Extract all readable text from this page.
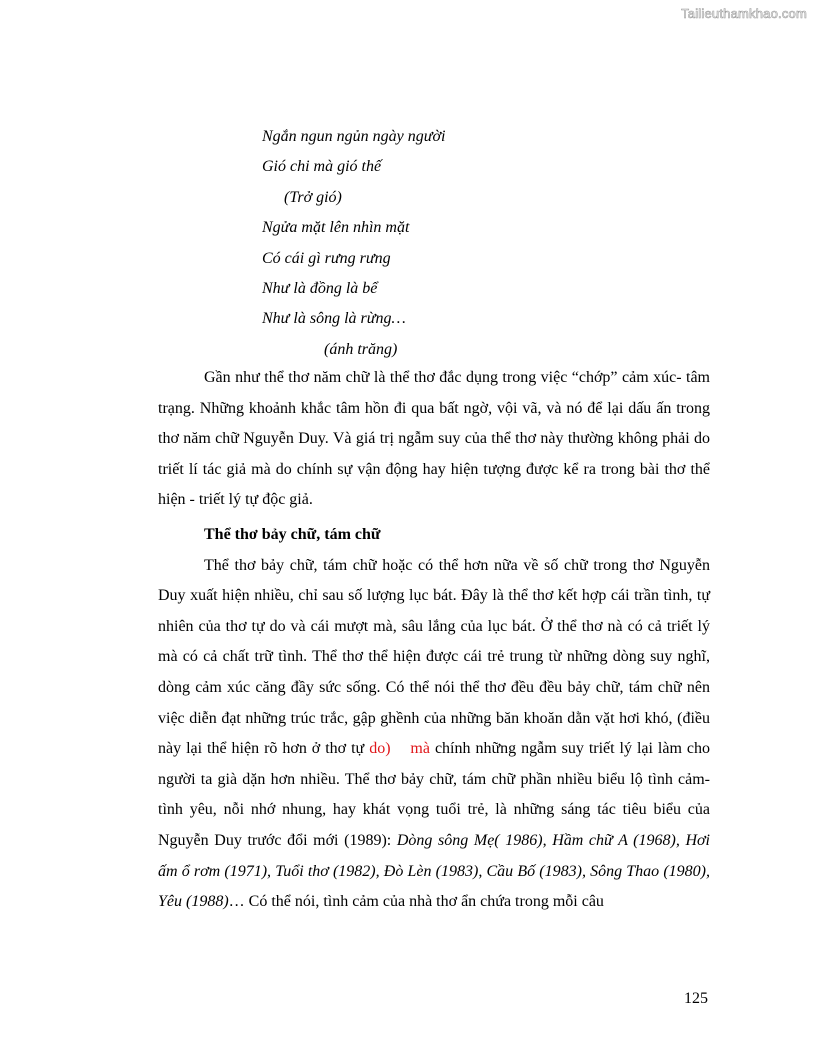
Tailieuthamkhao.com
Ngắn ngun ngủn ngày người
Gió chi mà gió thế
(Trở gió)
Ngửa mặt lên nhìn mặt
Có cái gì rưng rưng
Như là đồng là bể
Như là sông là rừng…
(ánh trăng)

Gần như thể thơ năm chữ là thể thơ đắc dụng trong việc “chớp” cảm xúc- tâm trạng. Những khoảnh khắc tâm hồn đi qua bất ngờ, vội vã, và nó để lại dấu ấn trong thơ năm chữ Nguyễn Duy. Và giá trị ngẫm suy của thể thơ này thường không phải do triết lí tác giả mà do chính sự vận động hay hiện tượng được kể ra trong bài thơ thể hiện - triết lý tự độc giả.

Thể thơ bảy chữ, tám chữ

Thể thơ bảy chữ, tám chữ hoặc có thể hơn nữa về số chữ trong thơ Nguyễn Duy xuất hiện nhiều, chỉ sau số lượng lục bát. Đây là thể thơ kết hợp cái trần tình, tự nhiên của thơ tự do và cái mượt mà, sâu lắng của lục bát. Ở thể thơ nà có cả triết lý mà có cả chất trữ tình. Thể thơ thể hiện được cái trẻ trung từ những dòng suy nghĩ, dòng cảm xúc căng đầy sức sống. Có thể nói thể thơ đều đều bảy chữ, tám chữ nên việc diễn đạt những trúc trắc, gập ghềnh của những băn khoăn dằn vặt hơi khó, (điều này lại thể hiện rõ hơn ở thơ tự do) mà chính những ngẫm suy triết lý lại làm cho người ta già dặn hơn nhiều. Thể thơ bảy chữ, tám chữ phần nhiều biểu lộ tình cảm- tình yêu, nỗi nhớ nhung, hay khát vọng tuổi trẻ, là những sáng tác tiêu biểu của Nguyễn Duy trước đổi mới (1989): Dòng sông Mẹ( 1986), Hầm chữ A (1968), Hơi ấm ổ rơm (1971), Tuổi thơ (1982), Đò Lèn (1983), Cầu Bố (1983), Sông Thao (1980), Yêu (1988)… Có thể nói, tình cảm của nhà thơ ẩn chứa trong mỗi câu

125
